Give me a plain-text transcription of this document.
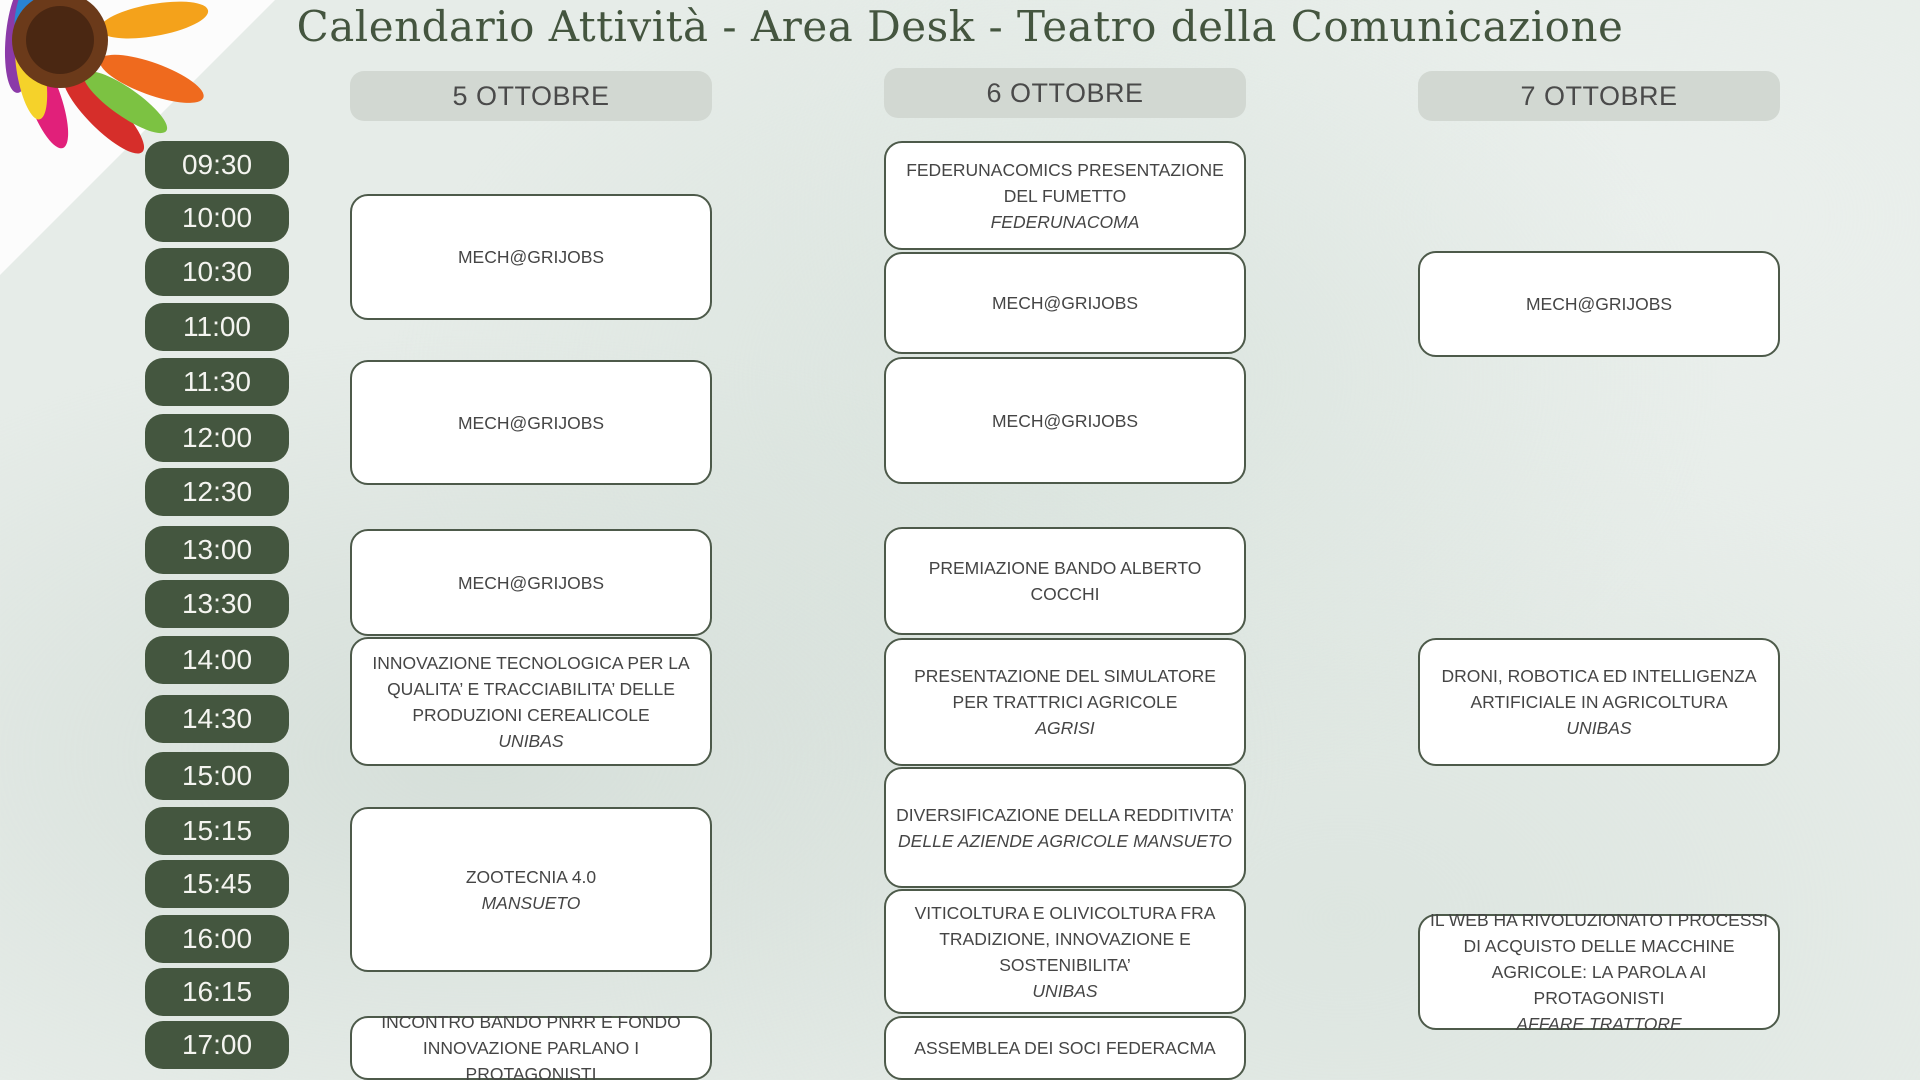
Calendario Attività - Area Desk - Teatro della Comunicazione
5 OTTOBRE	6 OTTOBRE	7 OTTOBRE
09:30
10:00
10:30
11:00
11:30
12:00
12:30
13:00
13:30
14:00
14:30
15:00
15:15
15:45
16:00
16:15
17:00
MECH@GRIJOBS
MECH@GRIJOBS
MECH@GRIJOBS
INNOVAZIONE TECNOLOGICA PER LA QUALITA’ E TRACCIABILITA’ DELLE PRODUZIONI CEREALICOLE
UNIBAS
ZOOTECNIA 4.0
MANSUETO
INCONTRO BANDO PNRR E FONDO INNOVAZIONE PARLANO I PROTAGONISTI
FEDERUNACOMICS PRESENTAZIONE DEL FUMETTO
FEDERUNACOMA
MECH@GRIJOBS
MECH@GRIJOBS
PREMIAZIONE BANDO ALBERTO COCCHI
PRESENTAZIONE DEL SIMULATORE PER TRATTRICI AGRICOLE
AGRISI
DIVERSIFICAZIONE DELLA REDDITIVITA’
DELLE AZIENDE AGRICOLE MANSUETO
VITICOLTURA E OLIVICOLTURA FRA TRADIZIONE, INNOVAZIONE E SOSTENIBILITA’
UNIBAS
ASSEMBLEA DEI SOCI FEDERACMA
MECH@GRIJOBS
DRONI, ROBOTICA ED INTELLIGENZA ARTIFICIALE IN AGRICOLTURA
UNIBAS
IL WEB HA RIVOLUZIONATO I PROCESSI DI ACQUISTO DELLE MACCHINE AGRICOLE: LA PAROLA AI PROTAGONISTI
AFFARE TRATTORE
